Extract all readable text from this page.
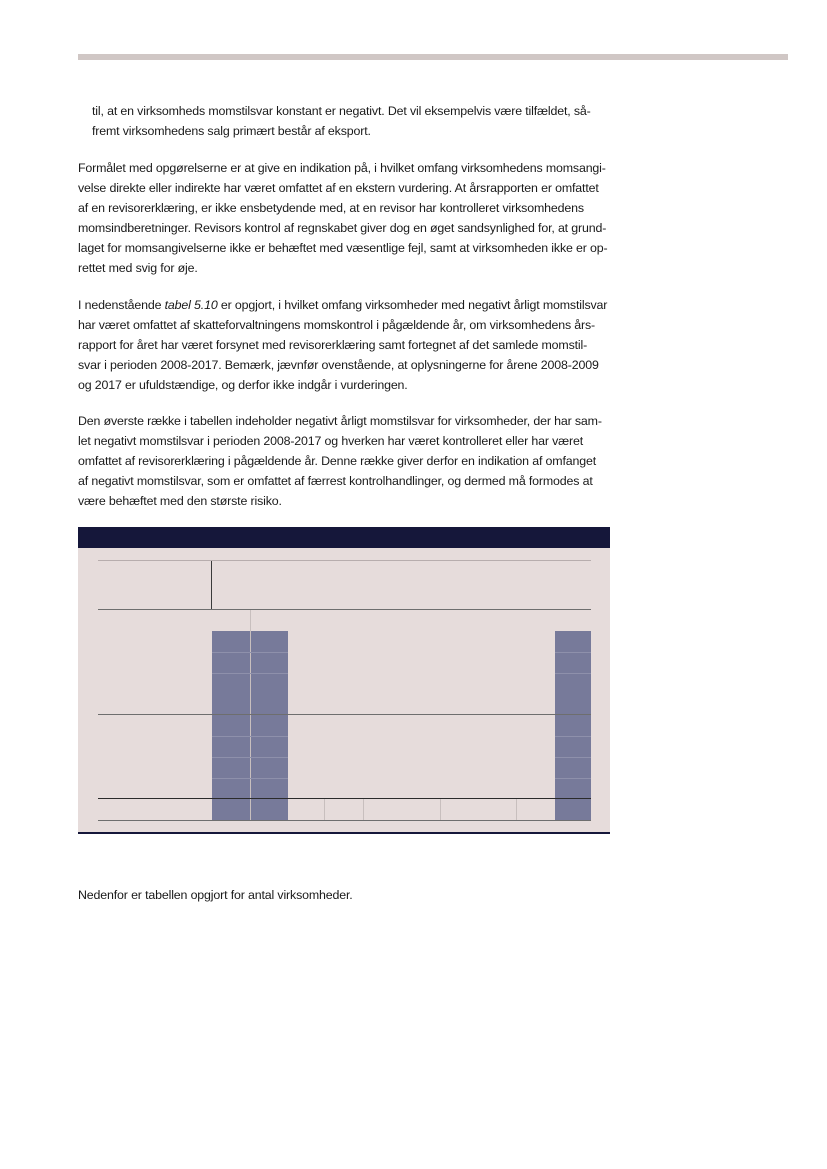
til, at en virksomheds momstilsvar konstant er negativt. Det vil eksempelvis være tilfældet, så-
fremt virksomhedens salg primært består af eksport.

Formålet med opgørelserne er at give en indikation på, i hvilket omfang virksomhedens momsangi-
velse direkte eller indirekte har været omfattet af en ekstern vurdering. At årsrapporten er omfattet
af en revisorerklæring, er ikke ensbetydende med, at en revisor har kontrolleret virksomhedens
momsindberetninger. Revisors kontrol af regnskabet giver dog en øget sandsynlighed for, at grund-
laget for momsangivelserne ikke er behæftet med væsentlige fejl, samt at virksomheden ikke er op-
rettet med svig for øje.

I nedenstående tabel 5.10 er opgjort, i hvilket omfang virksomheder med negativt årligt momstilsvar
har været omfattet af skatteforvaltningens momskontrol i pågældende år, om virksomhedens års-
rapport for året har været forsynet med revisorerklæring samt fortegnet af det samlede momstil-
svar i perioden 2008-2017. Bemærk, jævnfør ovenstående, at oplysningerne for årene 2008-2009
og 2017 er ufuldstændige, og derfor ikke indgår i vurderingen.

Den øverste række i tabellen indeholder negativt årligt momstilsvar for virksomheder, der har sam-
let negativt momstilsvar i perioden 2008-2017 og hverken har været kontrolleret eller har været
omfattet af revisorerklæring i pågældende år. Denne række giver derfor en indikation af omfanget
af negativt momstilsvar, som er omfattet af færrest kontrolhandlinger, og dermed må formodes at
være behæftet med den største risiko.

Nedenfor er tabellen opgjort for antal virksomheder.
